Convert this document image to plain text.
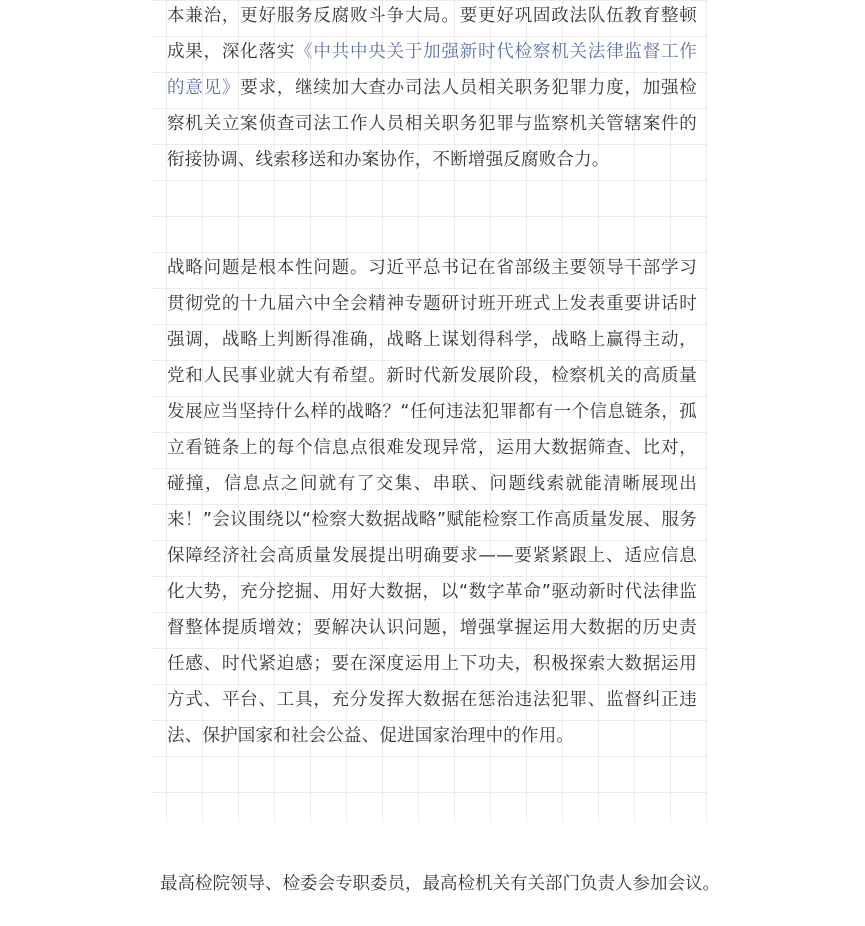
本兼治，更好服务反腐败斗争大局。要更好巩固政法队伍教育整顿成果，深化落实《中共中央关于加强新时代检察机关法律监督工作的意见》要求，继续加大查办司法人员相关职务犯罪力度，加强检察机关立案侦查司法工作人员相关职务犯罪与监察机关管辖案件的衔接协调、线索移送和办案协作，不断增强反腐败合力。

战略问题是根本性问题。习近平总书记在省部级主要领导干部学习贯彻党的十九届六中全会精神专题研讨班开班式上发表重要讲话时强调，战略上判断得准确，战略上谋划得科学，战略上赢得主动，党和人民事业就大有希望。新时代新发展阶段，检察机关的高质量发展应当坚持什么样的战略？“任何违法犯罪都有一个信息链条，孤立看链条上的每个信息点很难发现异常，运用大数据筛查、比对，碰撞，信息点之间就有了交集、串联、问题线索就能清晰展现出来！”会议围绕以“检察大数据战略”赋能检察工作高质量发展、服务保障经济社会高质量发展提出明确要求——要紧紧跟上、适应信息化大势，充分挖掘、用好大数据，以“数字革命”驱动新时代法律监督整体提质增效；要解决认识问题，增强掌握运用大数据的历史责任感、时代紧迫感；要在深度运用上下功夫，积极探索大数据运用方式、平台、工具，充分发挥大数据在惩治违法犯罪、监督纠正违法、保护国家和社会公益、促进国家治理中的作用。

最高检院领导、检委会专职委员，最高检机关有关部门负责人参加会议。
